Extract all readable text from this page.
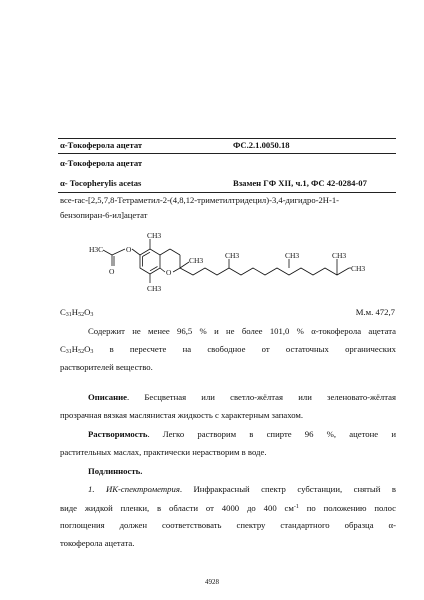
α-Токоферола ацетат	ФС.2.1.0050.18
α-Токоферола ацетат
α- Tocopherylis acetas	Взамен ГФ XII, ч.1, ФС 42-0284-07
все-rac-[2,5,7,8-Тетраметил-2-(4,8,12-триметилтридецил)-3,4-дигидро-2H-1-
бензопиран-6-ил]ацетат
H3C	O
O
CH3
CH3
O
CH3
CH3	CH3	CH3
CH3
C31H52O3	М.м. 472,7
Содержит не менее 96,5 % и не более 101,0 % α-токоферола ацетата
C31H52O3 в пересчете на свободное от остаточных органических
растворителей вещество.
Описание. Бесцветная или светло-жёлтая или зеленовато-жёлтая
прозрачная вязкая маслянистая жидкость с характерным запахом.
Растворимость. Легко растворим в спирте 96 %, ацетоне и
растительных маслах, практически нерастворим в воде.
Подлинность.
1. ИК-спектрометрия. Инфракрасный спектр субстанции, снятый в
виде жидкой пленки, в области от 4000 до 400 $см^{-1}$ по положению полос
поглощения должен соответствовать спектру стандартного образца α-
токоферола ацетата.
4928
